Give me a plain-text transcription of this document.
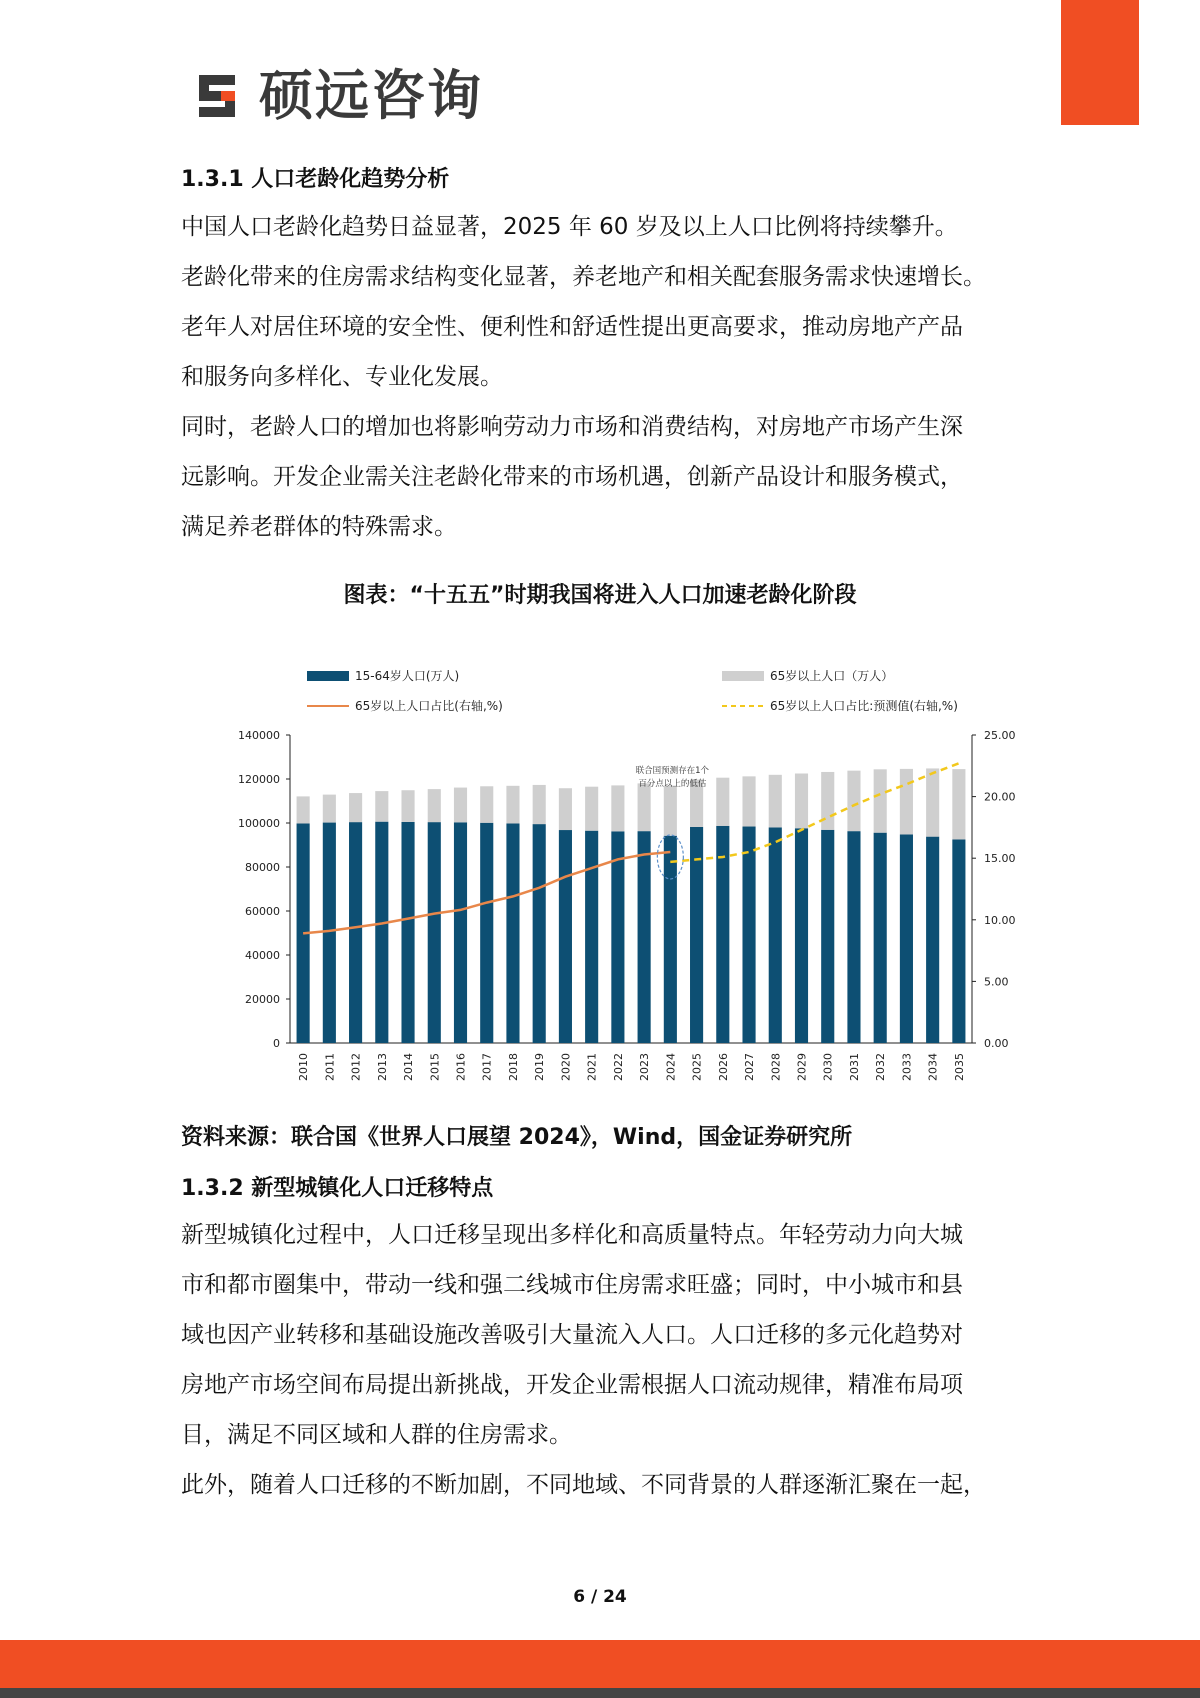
硕远咨询
1.3.1 人口老龄化趋势分析

中国人口老龄化趋势日益显著，2025 年 60 岁及以上人口比例将持续攀升。

老龄化带来的住房需求结构变化显著，养老地产和相关配套服务需求快速增长。

老年人对居住环境的安全性、便利性和舒适性提出更高要求，推动房地产产品

和服务向多样化、专业化发展。

同时，老龄人口的增加也将影响劳动力市场和消费结构，对房地产市场产生深

远影响。开发企业需关注老龄化带来的市场机遇，创新产品设计和服务模式，

满足养老群体的特殊需求。

图表：“十五五”时期我国将进入人口加速老龄化阶段
0
20000
40000
60000
80000
100000
120000
140000
0.00
5.00
10.00
15.00
20.00
25.00
2010 2011 2012 2013 2014 2015 2016 2017 2018 2019 2020 2021 2022 2023 2024 2025 2026 2027 2028 2029 2030 2031 2032 2033 2034 2035
联合国预测存在1个
百分点以上的低估
15-64岁人口(万人)	65岁以上人口（万人）
65岁以上人口占比(右轴,%)	65岁以上人口占比:预测值(右轴,%)
资料来源：联合国《世界人口展望 2024》，Wind，国金证券研究所
1.3.2 新型城镇化人口迁移特点

新型城镇化过程中，人口迁移呈现出多样化和高质量特点。年轻劳动力向大城

市和都市圈集中，带动一线和强二线城市住房需求旺盛；同时，中小城市和县

域也因产业转移和基础设施改善吸引大量流入人口。人口迁移的多元化趋势对

房地产市场空间布局提出新挑战，开发企业需根据人口流动规律，精准布局项

目，满足不同区域和人群的住房需求。

此外，随着人口迁移的不断加剧，不同地域、不同背景的人群逐渐汇聚在一起，

6 / 24
